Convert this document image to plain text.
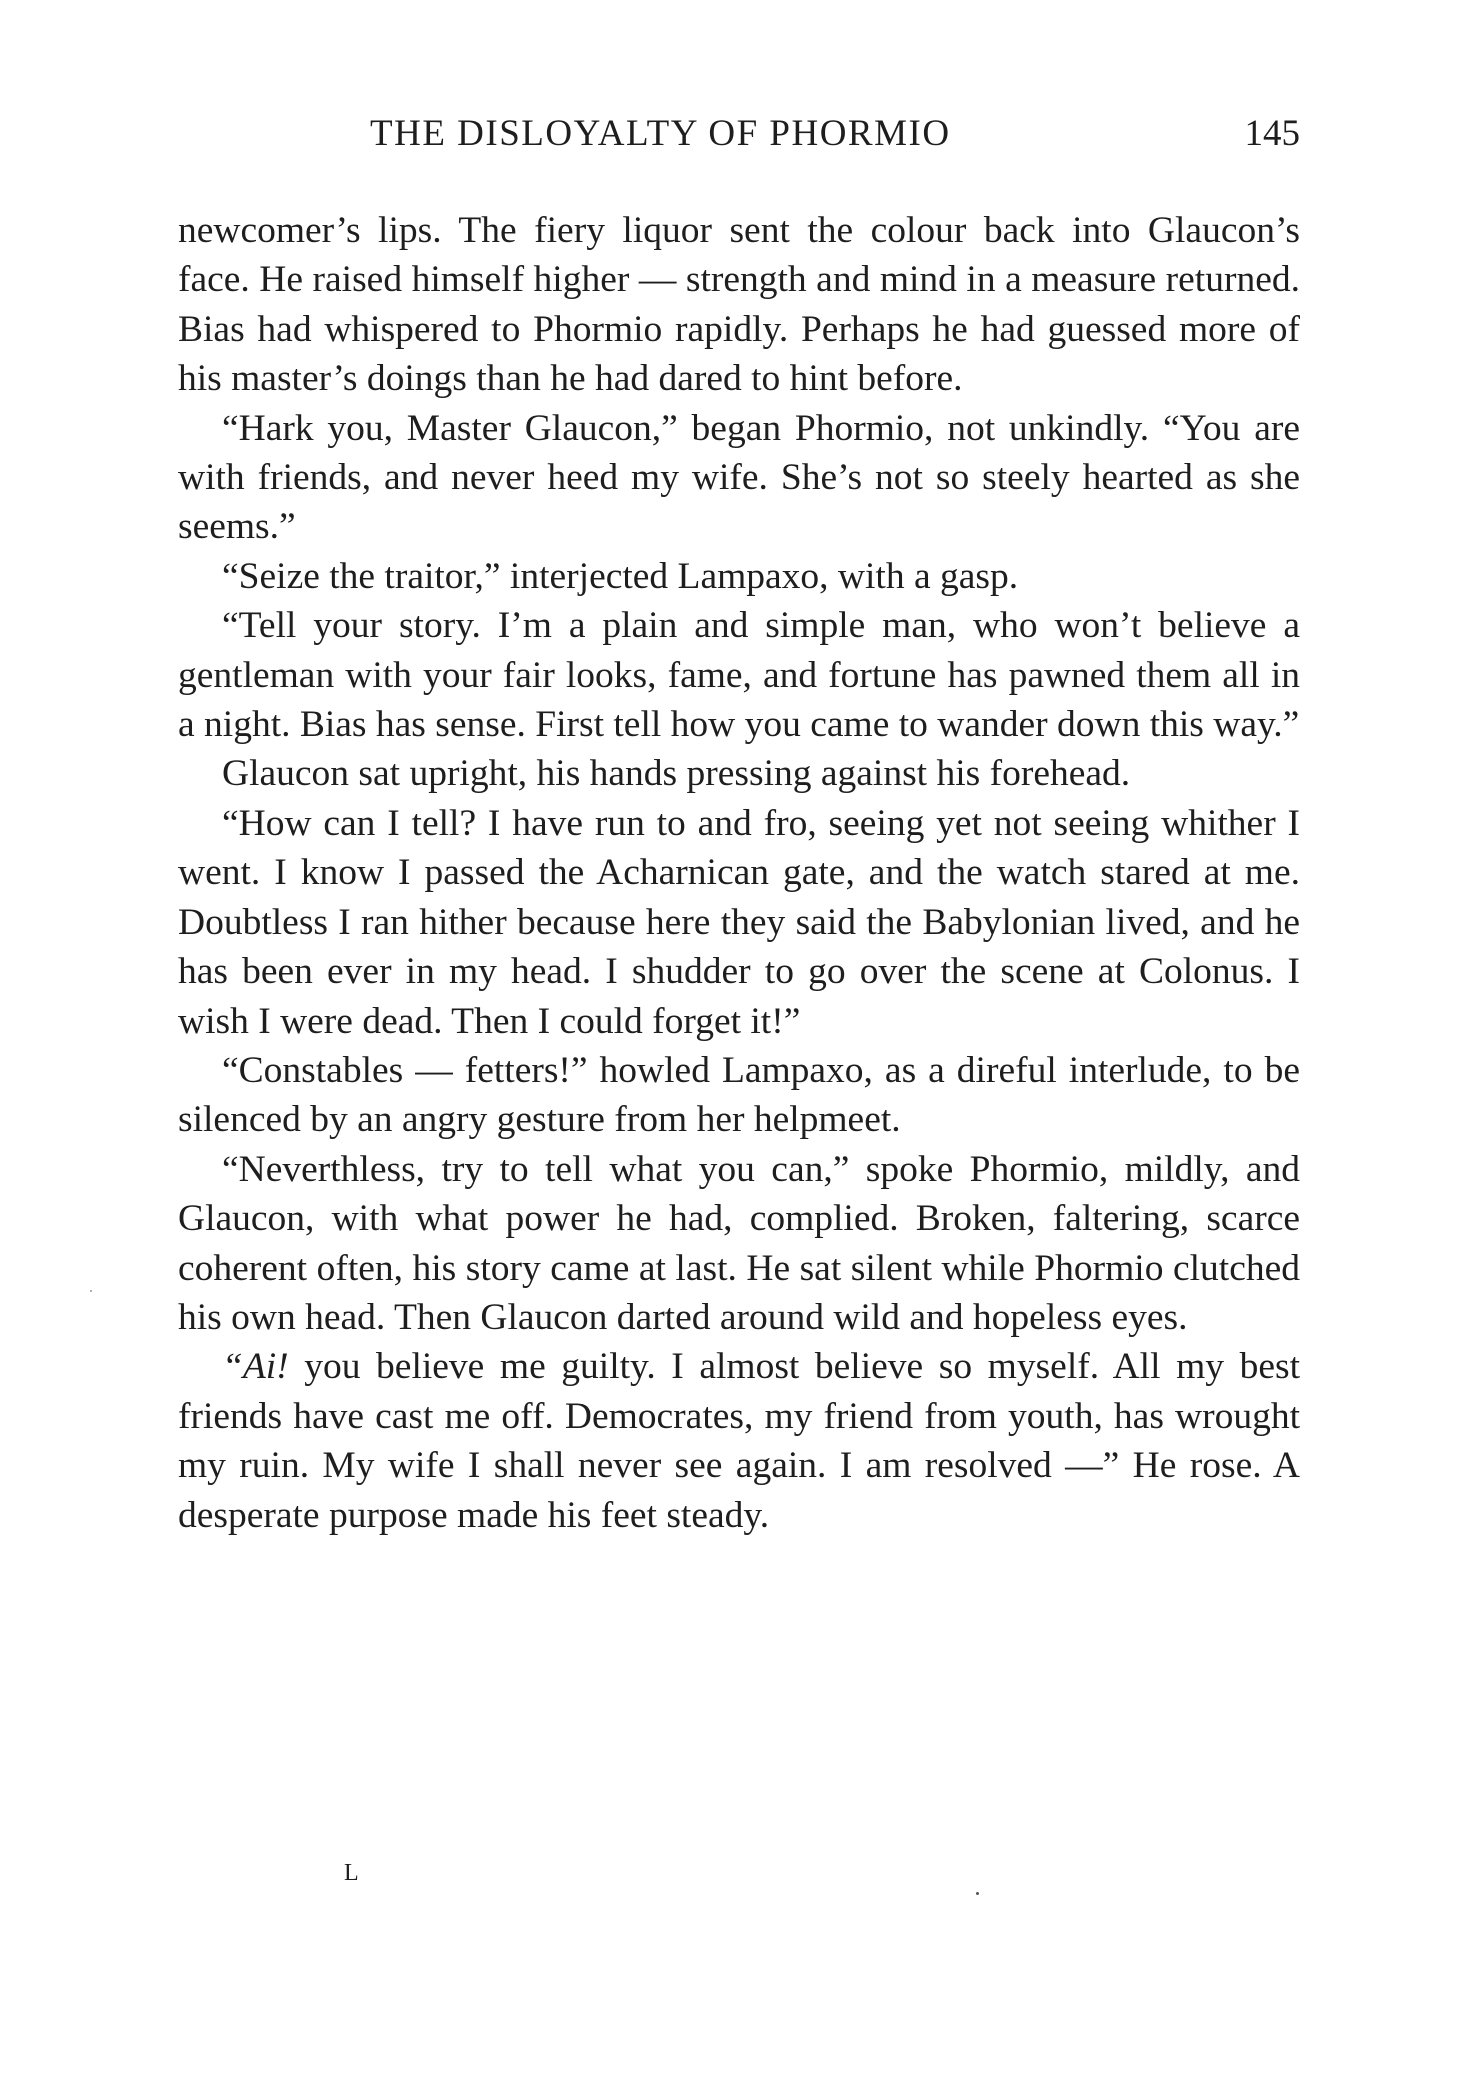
THE DISLOYALTY OF PHORMIO	145

newcomer’s lips. The fiery liquor sent the colour back into Glaucon’s face. He raised himself higher — strength and mind in a measure returned. Bias had whispered to Phormio rapidly. Perhaps he had guessed more of his master’s doings than he had dared to hint before.

“Hark you, Master Glaucon,” began Phormio, not unkindly. “You are with friends, and never heed my wife. She’s not so steely hearted as she seems.”

“Seize the traitor,” interjected Lampaxo, with a gasp.

“Tell your story. I’m a plain and simple man, who won’t believe a gentleman with your fair looks, fame, and fortune has pawned them all in a night. Bias has sense. First tell how you came to wander down this way.”

Glaucon sat upright, his hands pressing against his forehead.

“How can I tell? I have run to and fro, seeing yet not seeing whither I went. I know I passed the Acharnican gate, and the watch stared at me. Doubtless I ran hither because here they said the Babylonian lived, and he has been ever in my head. I shudder to go over the scene at Colonus. I wish I were dead. Then I could forget it!”

“Constables — fetters!” howled Lampaxo, as a direful interlude, to be silenced by an angry gesture from her helpmeet.

“Neverthless, try to tell what you can,” spoke Phormio, mildly, and Glaucon, with what power he had, complied. Broken, faltering, scarce coherent often, his story came at last. He sat silent while Phormio clutched his own head. Then Glaucon darted around wild and hopeless eyes.

“Ai! you believe me guilty. I almost believe so myself. All my best friends have cast me off. Democrates, my friend from youth, has wrought my ruin. My wife I shall never see again. I am resolved —” He rose. A desperate purpose made his feet steady.

L
